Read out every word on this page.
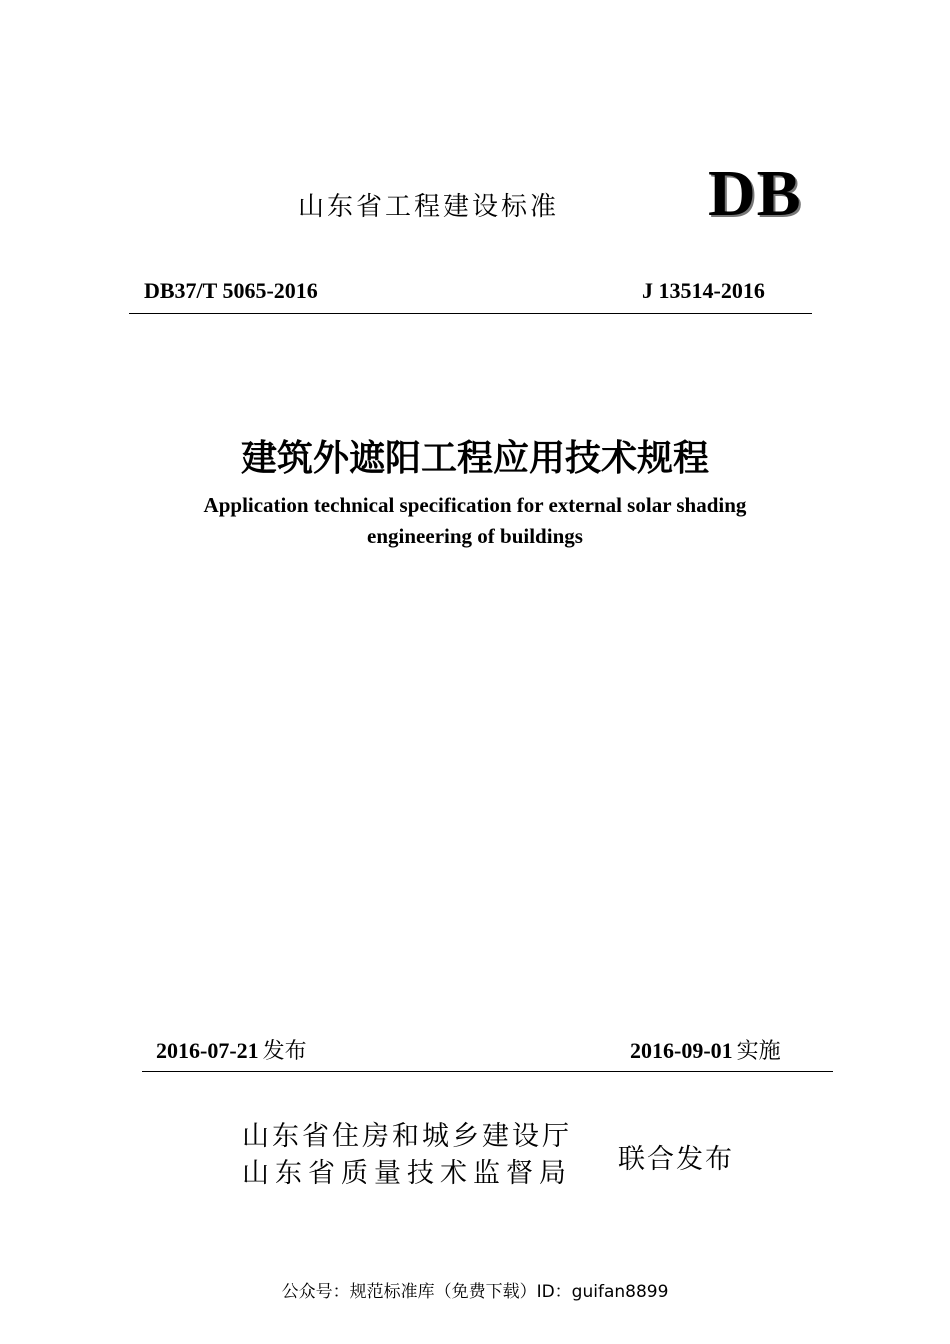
山东省工程建设标准 DB
DB37/T 5065-2016	J 13514-2016
建筑外遮阳工程应用技术规程
Application technical specification for external solar shading
engineering of buildings
2016-07-21 发布	2016-09-01 实施
山东省住房和城乡建设厅
山东省质量技术监督局 联合发布
公众号：规范标准库（免费下载）ID：guifan8899
